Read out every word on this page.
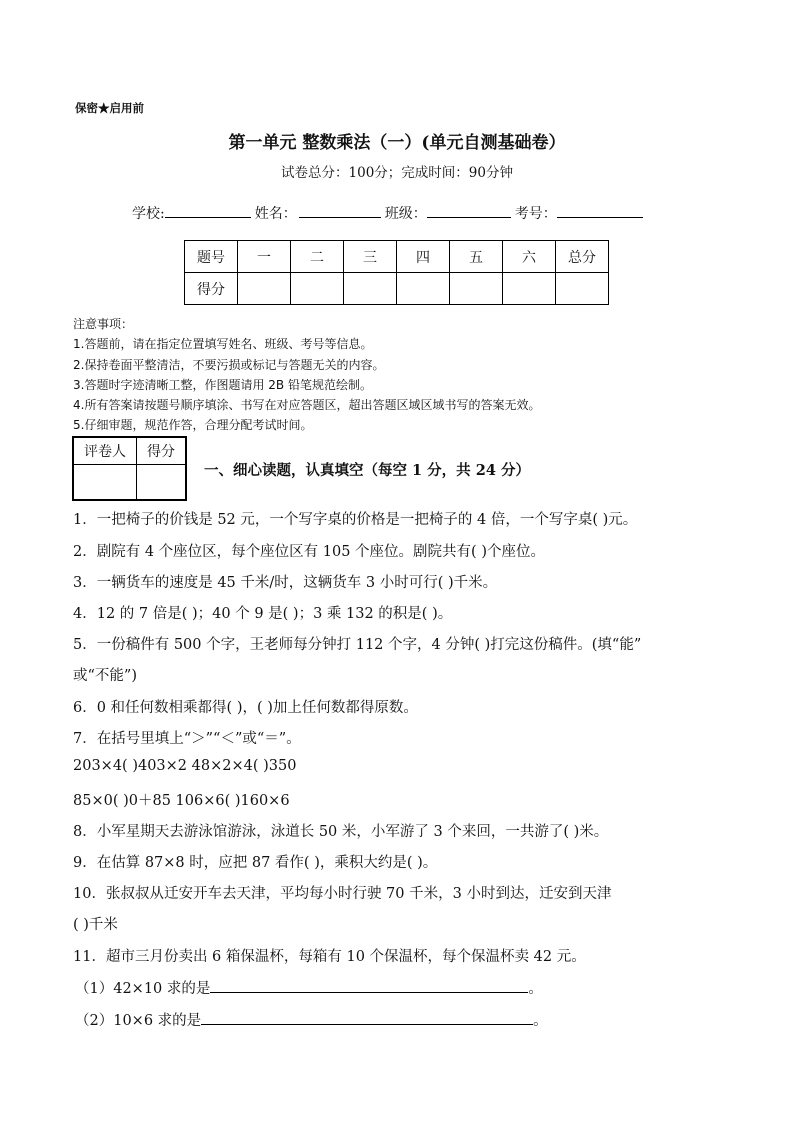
保密★启用前
第一单元 整数乘法（一）(单元自测基础卷）
试卷总分：100分；完成时间：90分钟
学校:	姓名：	班级：	考号：
题号	一	二	三	四	五	六	总分
得分							
注意事项：
1.答题前，请在指定位置填写姓名、班级、考号等信息。
2.保持卷面平整清洁，不要污损或标记与答题无关的内容。
3.答题时字迹清晰工整，作图题请用 2B 铅笔规范绘制。
4.所有答案请按题号顺序填涂、书写在对应答题区，超出答题区域区域书写的答案无效。
5.仔细审题，规范作答，合理分配考试时间。
评卷人	得分

一、细心读题，认真填空（每空 1 分，共 24 分）
1．一把椅子的价钱是 52 元，一个写字桌的价格是一把椅子的 4 倍，一个写字桌( )元。
2．剧院有 4 个座位区，每个座位区有 105 个座位。剧院共有( )个座位。
3．一辆货车的速度是 45 千米/时，这辆货车 3 小时可行( )千米。
4．12 的 7 倍是( )；40 个 9 是( )；3 乘 132 的积是( )。
5．一份稿件有 500 个字，王老师每分钟打 112 个字，4 分钟( )打完这份稿件。(填“能”
或“不能”)
6．0 和任何数相乘都得( )，( )加上任何数都得原数。
7．在括号里填上“＞”“＜”或“＝”。
203×4( )403×2 48×2×4( )350
85×0( )0＋85 106×6( )160×6
8．小军星期天去游泳馆游泳，泳道长 50 米，小军游了 3 个来回，一共游了( )米。
9．在估算 87×8 时，应把 87 看作( )，乘积大约是( )。
10．张叔叔从迁安开车去天津，平均每小时行驶 70 千米，3 小时到达，迁安到天津
( )千米
11．超市三月份卖出 6 箱保温杯，每箱有 10 个保温杯，每个保温杯卖 42 元。
（1）42×10 求的是	。
（2）10×6 求的是	。
